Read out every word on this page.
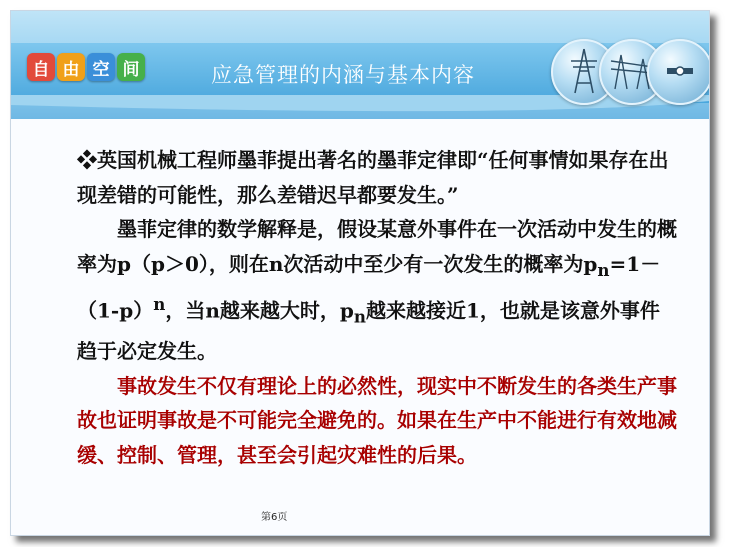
自 由 空 间	应急管理的内涵与基本内容

❖英国机械工程师墨菲提出著名的墨菲定律即“任何事情如果存在出现差错的可能性，那么差错迟早都要发生。”

墨菲定律的数学解释是，假设某意外事件在一次活动中发生的概率为p（p＞0），则在n次活动中至少有一次发生的概率为$p_n=1-(1-p)^n$，当n越来越大时，$p_n$越来越接近1，也就是该意外事件趋于必定发生。

事故发生不仅有理论上的必然性，现实中不断发生的各类生产事故也证明事故是不可能完全避免的。如果在生产中不能进行有效地减缓、控制、管理，甚至会引起灾难性的后果。

第6页
